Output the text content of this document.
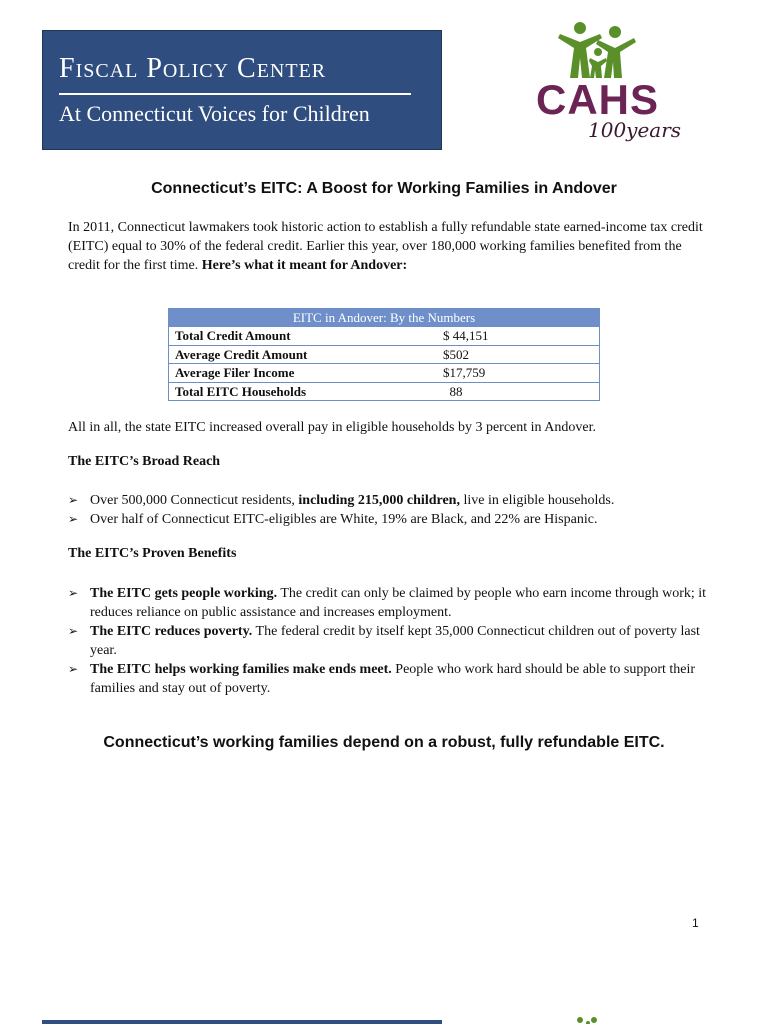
Fiscal Policy Center
At Connecticut Voices for Children	CAHS
100years
Connecticut’s EITC: A Boost for Working Families in Andover
In 2011, Connecticut lawmakers took historic action to establish a fully refundable state earned-income tax credit (EITC) equal to 30% of the federal credit. Earlier this year, over 180,000 working families benefited from the credit for the first time. Here’s what it meant for Andover:
EITC in Andover: By the Numbers
Total Credit Amount	$ 44,151
Average Credit Amount	$502
Average Filer Income	$17,759
Total EITC Households	88
All in all, the state EITC increased overall pay in eligible households by 3 percent in Andover.
The EITC’s Broad Reach
➢ Over 500,000 Connecticut residents, including 215,000 children, live in eligible households.
➢ Over half of Connecticut EITC-eligibles are White, 19% are Black, and 22% are Hispanic.
The EITC’s Proven Benefits
➢ The EITC gets people working. The credit can only be claimed by people who earn income through work; it reduces reliance on public assistance and increases employment.
➢ The EITC reduces poverty. The federal credit by itself kept 35,000 Connecticut children out of poverty last year.
➢ The EITC helps working families make ends meet. People who work hard should be able to support their families and stay out of poverty.
Connecticut’s working families depend on a robust, fully refundable EITC.
1
